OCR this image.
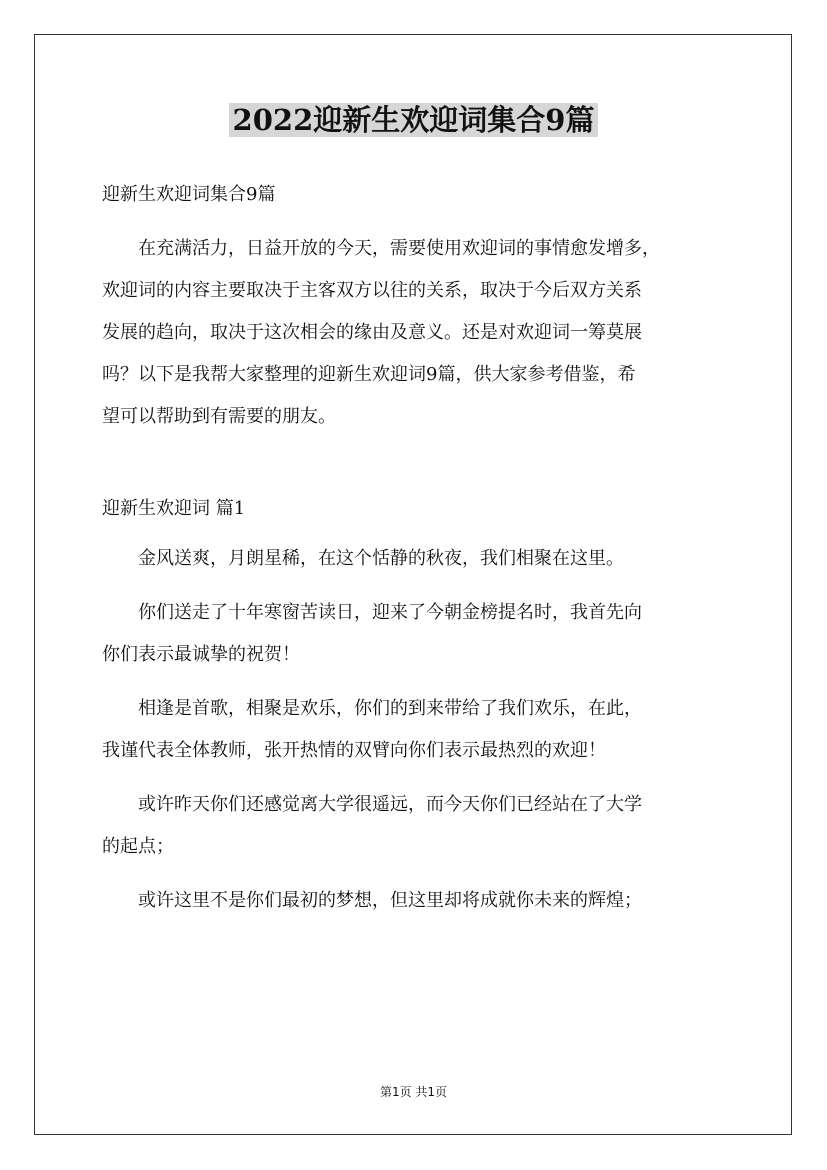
2022迎新生欢迎词集合9篇

迎新生欢迎词集合9篇

在充满活力，日益开放的今天，需要使用欢迎词的事情愈发增多，
欢迎词的内容主要取决于主客双方以往的关系，取决于今后双方关系
发展的趋向，取决于这次相会的缘由及意义。还是对欢迎词一筹莫展
吗？以下是我帮大家整理的迎新生欢迎词9篇，供大家参考借鉴，希
望可以帮助到有需要的朋友。

迎新生欢迎词 篇1

金风送爽，月朗星稀，在这个恬静的秋夜，我们相聚在这里。

你们送走了十年寒窗苦读日，迎来了今朝金榜提名时，我首先向
你们表示最诚挚的祝贺！

相逢是首歌，相聚是欢乐，你们的到来带给了我们欢乐，在此，
我谨代表全体教师，张开热情的双臂向你们表示最热烈的欢迎！

或许昨天你们还感觉离大学很遥远，而今天你们已经站在了大学
的起点；

或许这里不是你们最初的梦想，但这里却将成就你未来的辉煌；

第1页 共1页
